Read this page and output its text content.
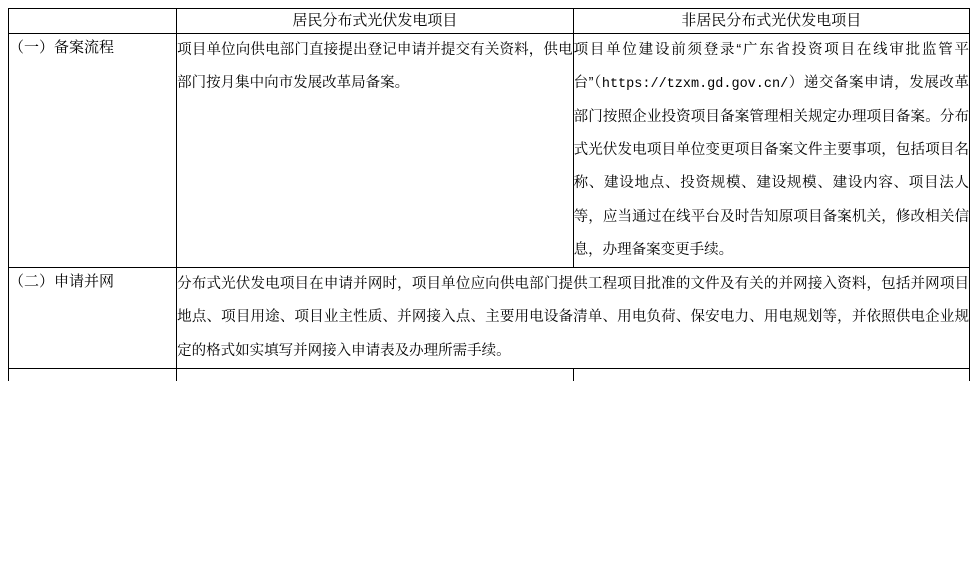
	居民分布式光伏发电项目	非居民分布式光伏发电项目
（一）备案流程	项目单位向供电部门直接提出登记申请并提交有关资料，供电部门按月集中向市发展改革局备案。	项目单位建设前须登录“广东省投资项目在线审批监管平台”（https://tzxm.gd.gov.cn/）递交备案申请，发展改革部门按照企业投资项目备案管理相关规定办理项目备案。分布式光伏发电项目单位变更项目备案文件主要事项，包括项目名称、建设地点、投资规模、建设规模、建设内容、项目法人等，应当通过在线平台及时告知原项目备案机关，修改相关信息，办理备案变更手续。
（二）申请并网	分布式光伏发电项目在申请并网时，项目单位应向供电部门提供工程项目批准的文件及有关的并网接入资料，包括并网项目地点、项目用途、项目业主性质、并网接入点、主要用电设备清单、用电负荷、保安电力、用电规划等，并依照供电企业规定的格式如实填写并网接入申请表及办理所需手续。	
